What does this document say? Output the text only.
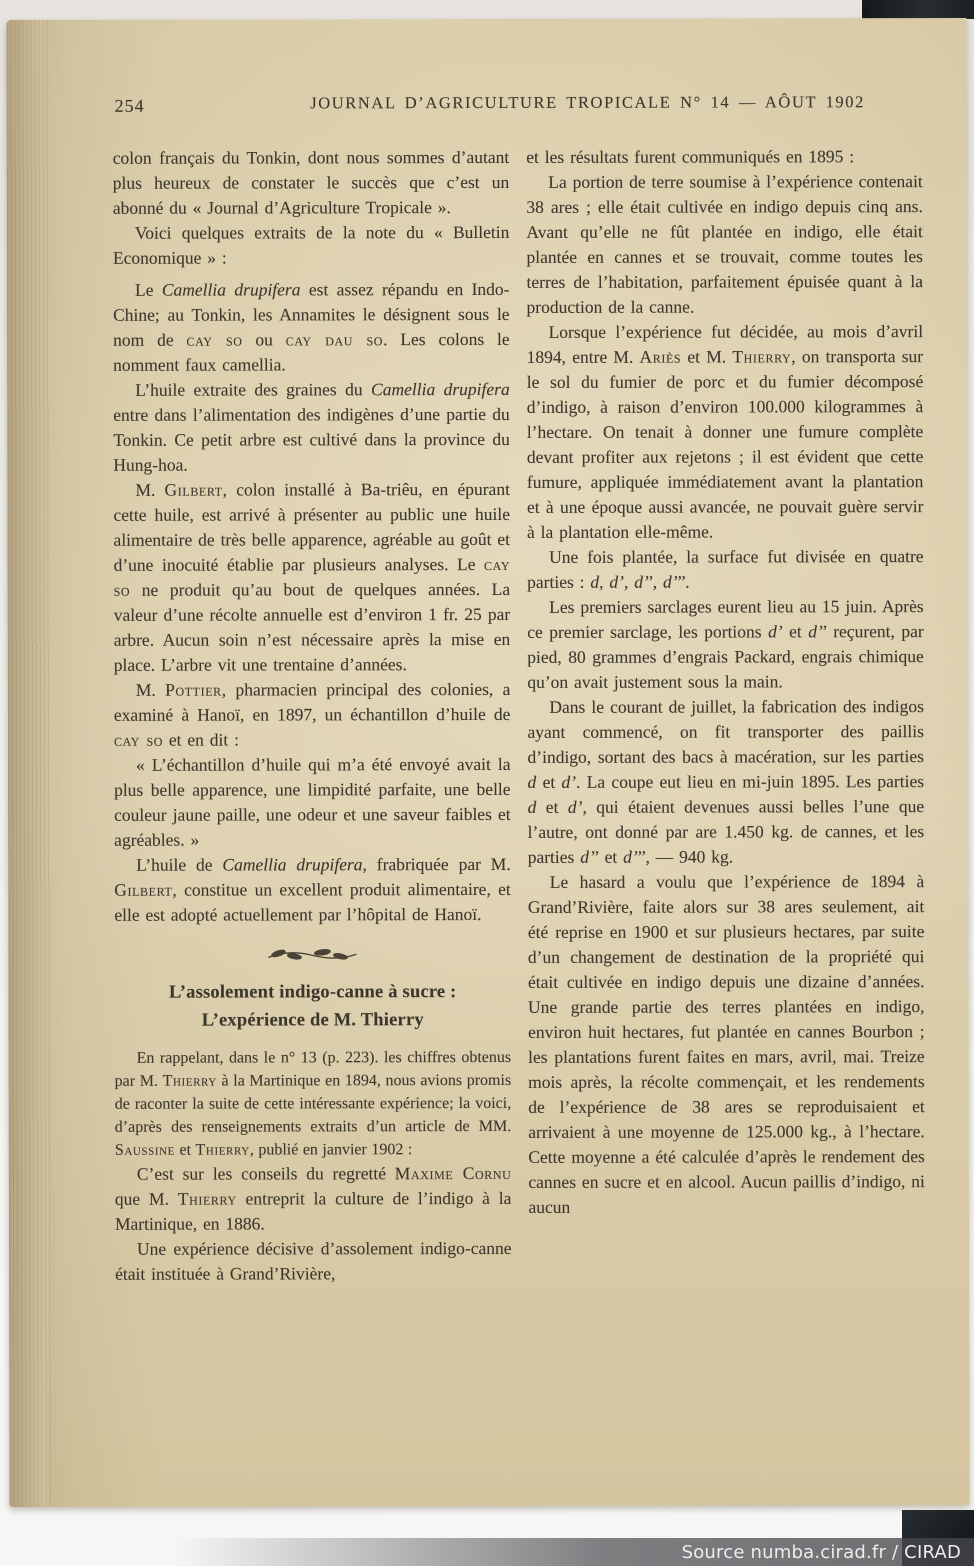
254	JOURNAL D’AGRICULTURE TROPICALE N° 14 — AÔUT 1902

colon français du Tonkin, dont nous sommes d’autant plus heureux de constater le succès que c’est un abonné du « Journal d’Agriculture Tropicale ».

Voici quelques extraits de la note du « Bulletin Economique » :

Le Camellia drupifera est assez répandu en Indo-Chine; au Tonkin, les Annamites le désignent sous le nom de cay so ou cay dau so. Les colons le nomment faux camellia.

L’huile extraite des graines du Camellia drupifera entre dans l’alimentation des indigènes d’une partie du Tonkin. Ce petit arbre est cultivé dans la province du Hung-hoa.

M. Gilbert, colon installé à Ba-triêu, en épurant cette huile, est arrivé à présenter au public une huile alimentaire de très belle apparence, agréable au goût et d’une inocuité établie par plusieurs analyses. Le cay so ne produit qu’au bout de quelques années. La valeur d’une récolte annuelle est d’environ 1 fr. 25 par arbre. Aucun soin n’est nécessaire après la mise en place. L’arbre vit une trentaine d’années.

M. Pottier, pharmacien principal des colonies, a examiné à Hanoï, en 1897, un échantillon d’huile de cay so et en dit :

« L’échantillon d’huile qui m’a été envoyé avait la plus belle apparence, une limpidité parfaite, une belle couleur jaune paille, une odeur et une saveur faibles et agréables. »

L’huile de Camellia drupifera, frabriquée par M. Gilbert, constitue un excellent produit alimentaire, et elle est adopté actuellement par l’hôpital de Hanoï.

L’assolement indigo-canne à sucre :
L’expérience de M. Thierry

En rappelant, dans le n° 13 (p. 223). les chiffres obtenus par M. Thierry à la Martinique en 1894, nous avions promis de raconter la suite de cette intéressante expérience; la voici, d’après des renseignements extraits d’un article de MM. Saussine et Thierry, publié en janvier 1902 :

C’est sur les conseils du regretté Maxime Cornu que M. Thierry entreprit la culture de l’indigo à la Martinique, en 1886.

Une expérience décisive d’assolement indigo-canne était instituée à Grand’Rivière,

et les résultats furent communiqués en 1895 :

La portion de terre soumise à l’expérience contenait 38 ares ; elle était cultivée en indigo depuis cinq ans. Avant qu’elle ne fût plantée en indigo, elle était plantée en cannes et se trouvait, comme toutes les terres de l’habitation, parfaitement épuisée quant à la production de la canne.

Lorsque l’expérience fut décidée, au mois d’avril 1894, entre M. Ariès et M. Thierry, on transporta sur le sol du fumier de porc et du fumier décomposé d’indigo, à raison d’environ 100.000 kilogrammes à l’hectare. On tenait à donner une fumure complète devant profiter aux rejetons ; il est évident que cette fumure, appliquée immédiatement avant la plantation et à une époque aussi avancée, ne pouvait guère servir à la plantation elle-même.

Une fois plantée, la surface fut divisée en quatre parties : d, d’, d’’, d’’’.

Les premiers sarclages eurent lieu au 15 juin. Après ce premier sarclage, les portions d’ et d’’ reçurent, par pied, 80 grammes d’engrais Packard, engrais chimique qu’on avait justement sous la main.

Dans le courant de juillet, la fabrication des indigos ayant commencé, on fit transporter des paillis d’indigo, sortant des bacs à macération, sur les parties d et d’. La coupe eut lieu en mi-juin 1895. Les parties d et d’, qui étaient devenues aussi belles l’une que l’autre, ont donné par are 1.450 kg. de cannes, et les parties d’’ et d’’’, — 940 kg.

Le hasard a voulu que l’expérience de 1894 à Grand’Rivière, faite alors sur 38 ares seulement, ait été reprise en 1900 et sur plusieurs hectares, par suite d’un changement de destination de la propriété qui était cultivée en indigo depuis une dizaine d’années. Une grande partie des terres plantées en indigo, environ huit hectares, fut plantée en cannes Bourbon ; les plantations furent faites en mars, avril, mai. Treize mois après, la récolte commençait, et les rendements de l’expérience de 38 ares se reproduisaient et arrivaient à une moyenne de 125.000 kg., à l’hectare. Cette moyenne a été calculée d’après le rendement des cannes en sucre et en alcool. Aucun paillis d’indigo, ni aucun

Source numba.cirad.fr / CIRAD
